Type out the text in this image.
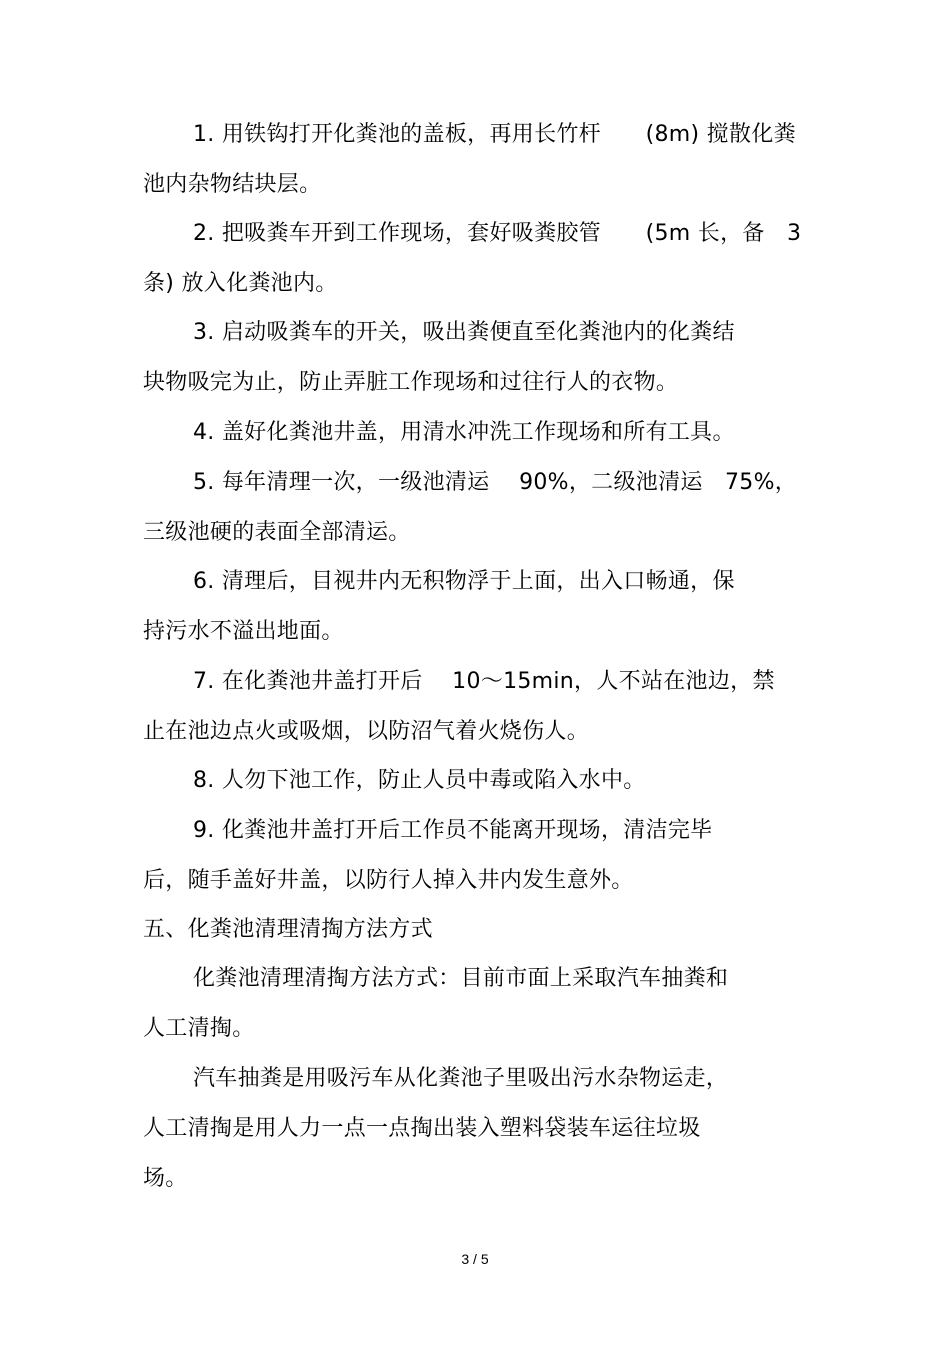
1. 用铁钩打开化粪池的盖板，再用长竹杆　　(8m) 搅散化粪
池内杂物结块层。
2. 把吸粪车开到工作现场，套好吸粪胶管　　(5m 长，备　3
条) 放入化粪池内。
3. 启动吸粪车的开关，吸出粪便直至化粪池内的化粪结
块物吸完为止，防止弄脏工作现场和过往行人的衣物。
4. 盖好化粪池井盖，用清水冲洗工作现场和所有工具。
5. 每年清理一次，一级池清运　 90%，二级池清运　75%，
三级池硬的表面全部清运。
6. 清理后，目视井内无积物浮于上面，出入口畅通，保
持污水不溢出地面。
7. 在化粪池井盖打开后　 10～15min，人不站在池边，禁
止在池边点火或吸烟，以防沼气着火烧伤人。
8. 人勿下池工作，防止人员中毒或陷入水中。
9. 化粪池井盖打开后工作员不能离开现场，清洁完毕
后，随手盖好井盖，以防行人掉入井内发生意外。
五、化粪池清理清掏方法方式
化粪池清理清掏方法方式：目前市面上采取汽车抽粪和
人工清掏。
汽车抽粪是用吸污车从化粪池子里吸出污水杂物运走，
人工清掏是用人力一点一点掏出装入塑料袋装车运往垃圾
场。
3 / 5
